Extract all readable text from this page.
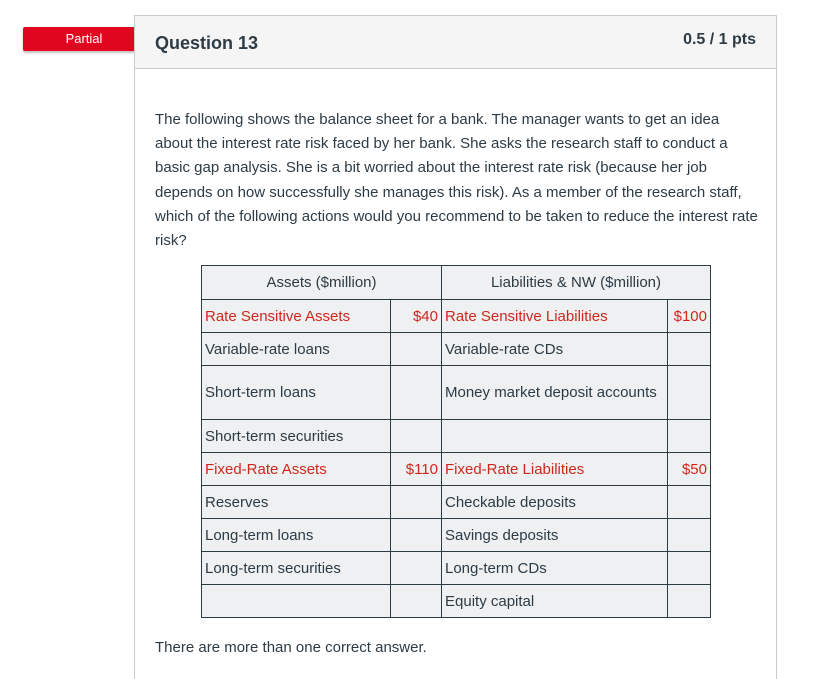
Partial	Question 13	0.5 / 1 pts
The following shows the balance sheet for a bank. The manager wants to get an idea about the interest rate risk faced by her bank. She asks the research staff to conduct a basic gap analysis. She is a bit worried about the interest rate risk (because her job depends on how successfully she manages this risk). As a member of the research staff, which of the following actions would you recommend to be taken to reduce the interest rate risk?
Assets ($million)		Liabilities & NW ($million)	
Rate Sensitive Assets	$40	Rate Sensitive Liabilities	$100
Variable-rate loans		Variable-rate CDs	
Short-term loans		Money market deposit accounts	
Short-term securities			
Fixed-Rate Assets	$110	Fixed-Rate Liabilities	$50
Reserves		Checkable deposits	
Long-term loans		Savings deposits	
Long-term securities		Long-term CDs	
		Equity capital	
There are more than one correct answer.
